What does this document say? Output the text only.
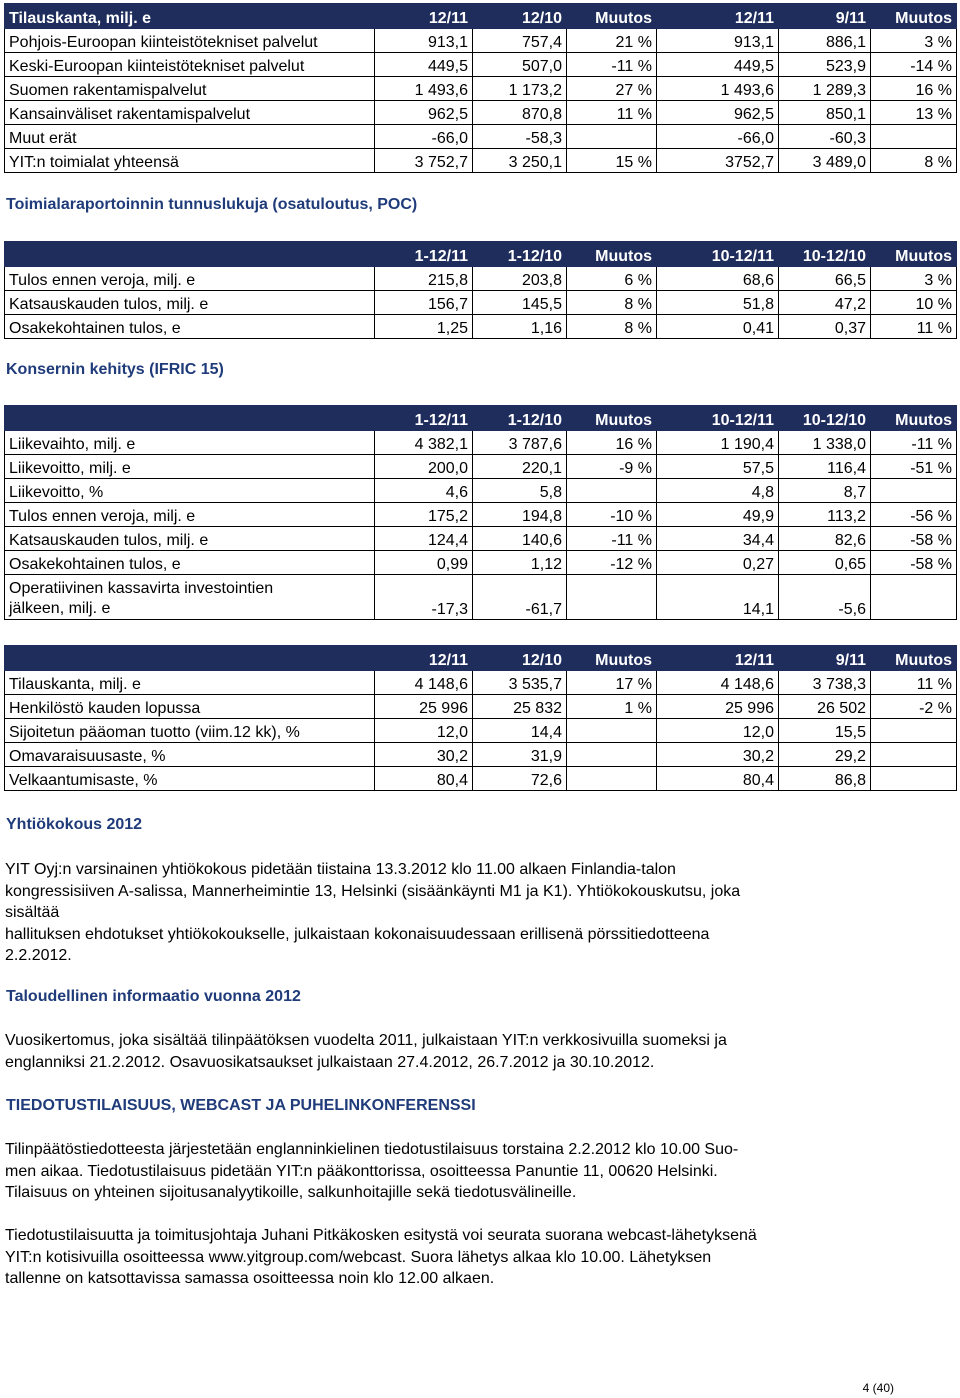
Tilauskanta, milj. e	12/11	12/10	Muutos	12/11	9/11	Muutos
Pohjois-Euroopan kiinteistötekniset palvelut	913,1	757,4	21 %	913,1	886,1	3 %
Keski-Euroopan kiinteistötekniset palvelut	449,5	507,0	-11 %	449,5	523,9	-14 %
Suomen rakentamispalvelut	1 493,6	1 173,2	27 %	1 493,6	1 289,3	16 %
Kansainväliset rakentamispalvelut	962,5	870,8	11 %	962,5	850,1	13 %
Muut erät	-66,0	-58,3		-66,0	-60,3	
YIT:n toimialat yhteensä	3 752,7	3 250,1	15 %	3752,7	3 489,0	8 %

Toimialaraportoinnin tunnuslukuja (osatuloutus, POC)

	1-12/11	1-12/10	Muutos	10-12/11	10-12/10	Muutos
Tulos ennen veroja, milj. e	215,8	203,8	6 %	68,6	66,5	3 %
Katsauskauden tulos, milj. e	156,7	145,5	8 %	51,8	47,2	10 %
Osakekohtainen tulos, e	1,25	1,16	8 %	0,41	0,37	11 %

Konsernin kehitys (IFRIC 15)

	1-12/11	1-12/10	Muutos	10-12/11	10-12/10	Muutos
Liikevaihto, milj. e	4 382,1	3 787,6	16 %	1 190,4	1 338,0	-11 %
Liikevoitto, milj. e	200,0	220,1	-9 %	57,5	116,4	-51 %
Liikevoitto, %	4,6	5,8		4,8	8,7	
Tulos ennen veroja, milj. e	175,2	194,8	-10 %	49,9	113,2	-56 %
Katsauskauden tulos, milj. e	124,4	140,6	-11 %	34,4	82,6	-58 %
Osakekohtainen tulos, e	0,99	1,12	-12 %	0,27	0,65	-58 %
Operatiivinen kassavirta investointien
jälkeen, milj. e	-17,3	-61,7		14,1	-5,6	
	12/11	12/10	Muutos	12/11	9/11	Muutos
Tilauskanta, milj. e	4 148,6	3 535,7	17 %	4 148,6	3 738,3	11 %
Henkilöstö kauden lopussa	25 996	25 832	1 %	25 996	26 502	-2 %
Sijoitetun pääoman tuotto (viim.12 kk), %	12,0	14,4		12,0	15,5	
Omavaraisuusaste, %	30,2	31,9		30,2	29,2	
Velkaantumisaste, %	80,4	72,6		80,4	86,8	

Yhtiökokous 2012

YIT Oyj:n varsinainen yhtiökokous pidetään tiistaina 13.3.2012 klo 11.00 alkaen Finlandia-talon
kongressisiiven A-salissa, Mannerheimintie 13, Helsinki (sisäänkäynti M1 ja K1). Yhtiökokouskutsu, joka
sisältää
hallituksen ehdotukset yhtiökokoukselle, julkaistaan kokonaisuudessaan erillisenä pörssitiedotteena
2.2.2012.

Taloudellinen informaatio vuonna 2012

Vuosikertomus, joka sisältää tilinpäätöksen vuodelta 2011, julkaistaan YIT:n verkkosivuilla suomeksi ja
englanniksi 21.2.2012. Osavuosikatsaukset julkaistaan 27.4.2012, 26.7.2012 ja 30.10.2012.

TIEDOTUSTILAISUUS, WEBCAST JA PUHELINKONFERENSSI

Tilinpäätöstiedotteesta järjestetään englanninkielinen tiedotustilaisuus torstaina 2.2.2012 klo 10.00 Suo-
men aikaa. Tiedotustilaisuus pidetään YIT:n pääkonttorissa, osoitteessa Panuntie 11, 00620 Helsinki.
Tilaisuus on yhteinen sijoitusanalyytikoille, salkunhoitajille sekä tiedotusvälineille.

Tiedotustilaisuutta ja toimitusjohtaja Juhani Pitkäkosken esitystä voi seurata suorana webcast-lähetyksenä
YIT:n kotisivuilla osoitteessa www.yitgroup.com/webcast. Suora lähetys alkaa klo 10.00. Lähetyksen
tallenne on katsottavissa samassa osoitteessa noin klo 12.00 alkaen.

4 (40)
